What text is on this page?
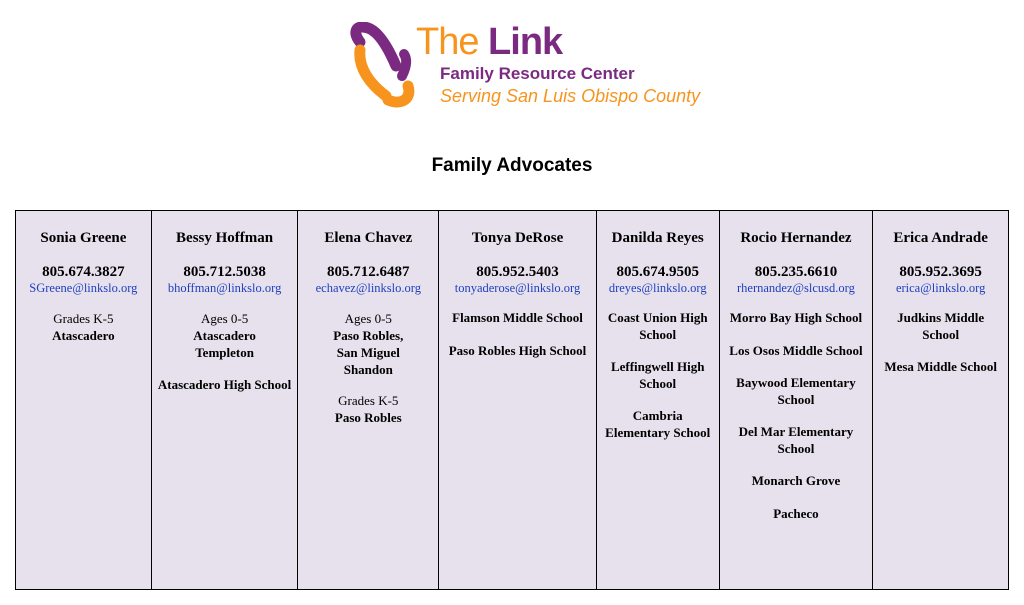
The Link
Family Resource Center
Serving San Luis Obispo County
Family Advocates
Sonia Greene
805.674.3827
SGreene@linkslo.org
Grades K-5
Atascadero
Bessy Hoffman
805.712.5038
bhoffman@linkslo.org
Ages 0-5
Atascadero
Templeton
Atascadero High School
Elena Chavez
805.712.6487
echavez@linkslo.org
Ages 0-5
Paso Robles,
San Miguel
Shandon
Grades K-5
Paso Robles
Tonya DeRose
805.952.5403
tonyaderose@linkslo.org
Flamson Middle School
Paso Robles High School
Danilda Reyes
805.674.9505
dreyes@linkslo.org
Coast Union High School
Leffingwell High School
Cambria Elementary School
Rocio Hernandez
805.235.6610
rhernandez@slcusd.org
Morro Bay High School
Los Osos Middle School
Baywood Elementary School
Del Mar Elementary School
Monarch Grove
Pacheco
Erica Andrade
805.952.3695
erica@linkslo.org
Judkins Middle School
Mesa Middle School
